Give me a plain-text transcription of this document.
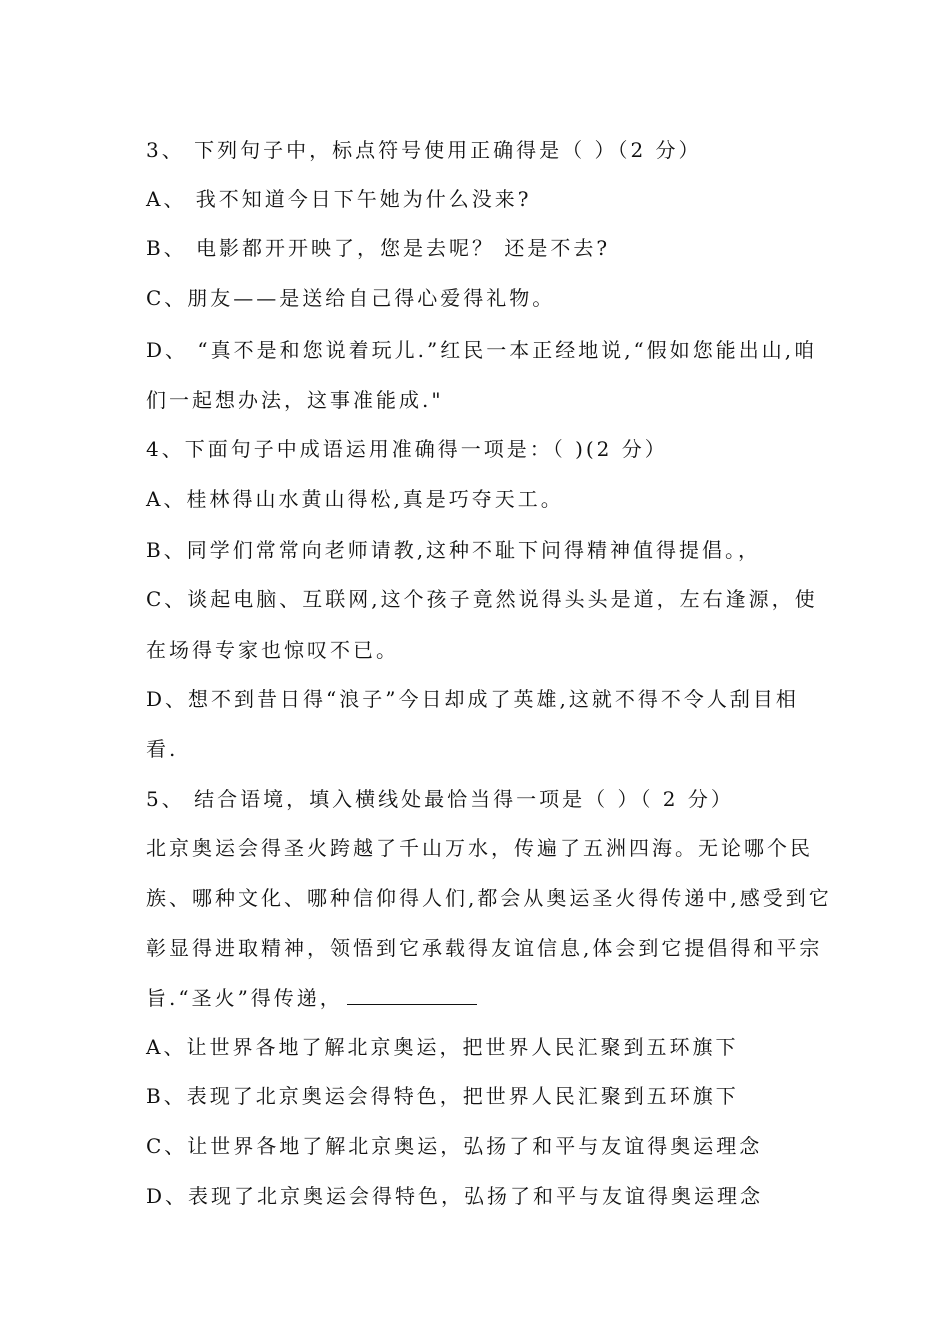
3、 下列句子中，标点符号使用正确得是（ ）（2 分）
A、 我不知道今日下午她为什么没来?
B、 电影都开开映了，您是去呢？ 还是不去?
C、朋友——是送给自己得心爱得礼物。
D、 “真不是和您说着玩儿.”红民一本正经地说,“假如您能出山,咱
们一起想办法，这事准能成."
4、下面句子中成语运用准确得一项是：（ )(2 分）
A、桂林得山水黄山得松,真是巧夺天工。
B、同学们常常向老师请教,这种不耻下问得精神值得提倡。，
C、谈起电脑、互联网,这个孩子竟然说得头头是道，左右逢源，使
在场得专家也惊叹不已。
D、想不到昔日得“浪子”今日却成了英雄,这就不得不令人刮目相
看.
5、 结合语境，填入横线处最恰当得一项是（ ）（ 2 分）
北京奥运会得圣火跨越了千山万水，传遍了五洲四海。无论哪个民
族、哪种文化、哪种信仰得人们,都会从奥运圣火得传递中,感受到它
彰显得进取精神，领悟到它承载得友谊信息,体会到它提倡得和平宗
旨.“圣火”得传递，
A、让世界各地了解北京奥运，把世界人民汇聚到五环旗下
B、表现了北京奥运会得特色，把世界人民汇聚到五环旗下
C、让世界各地了解北京奥运，弘扬了和平与友谊得奥运理念
D、表现了北京奥运会得特色，弘扬了和平与友谊得奥运理念
